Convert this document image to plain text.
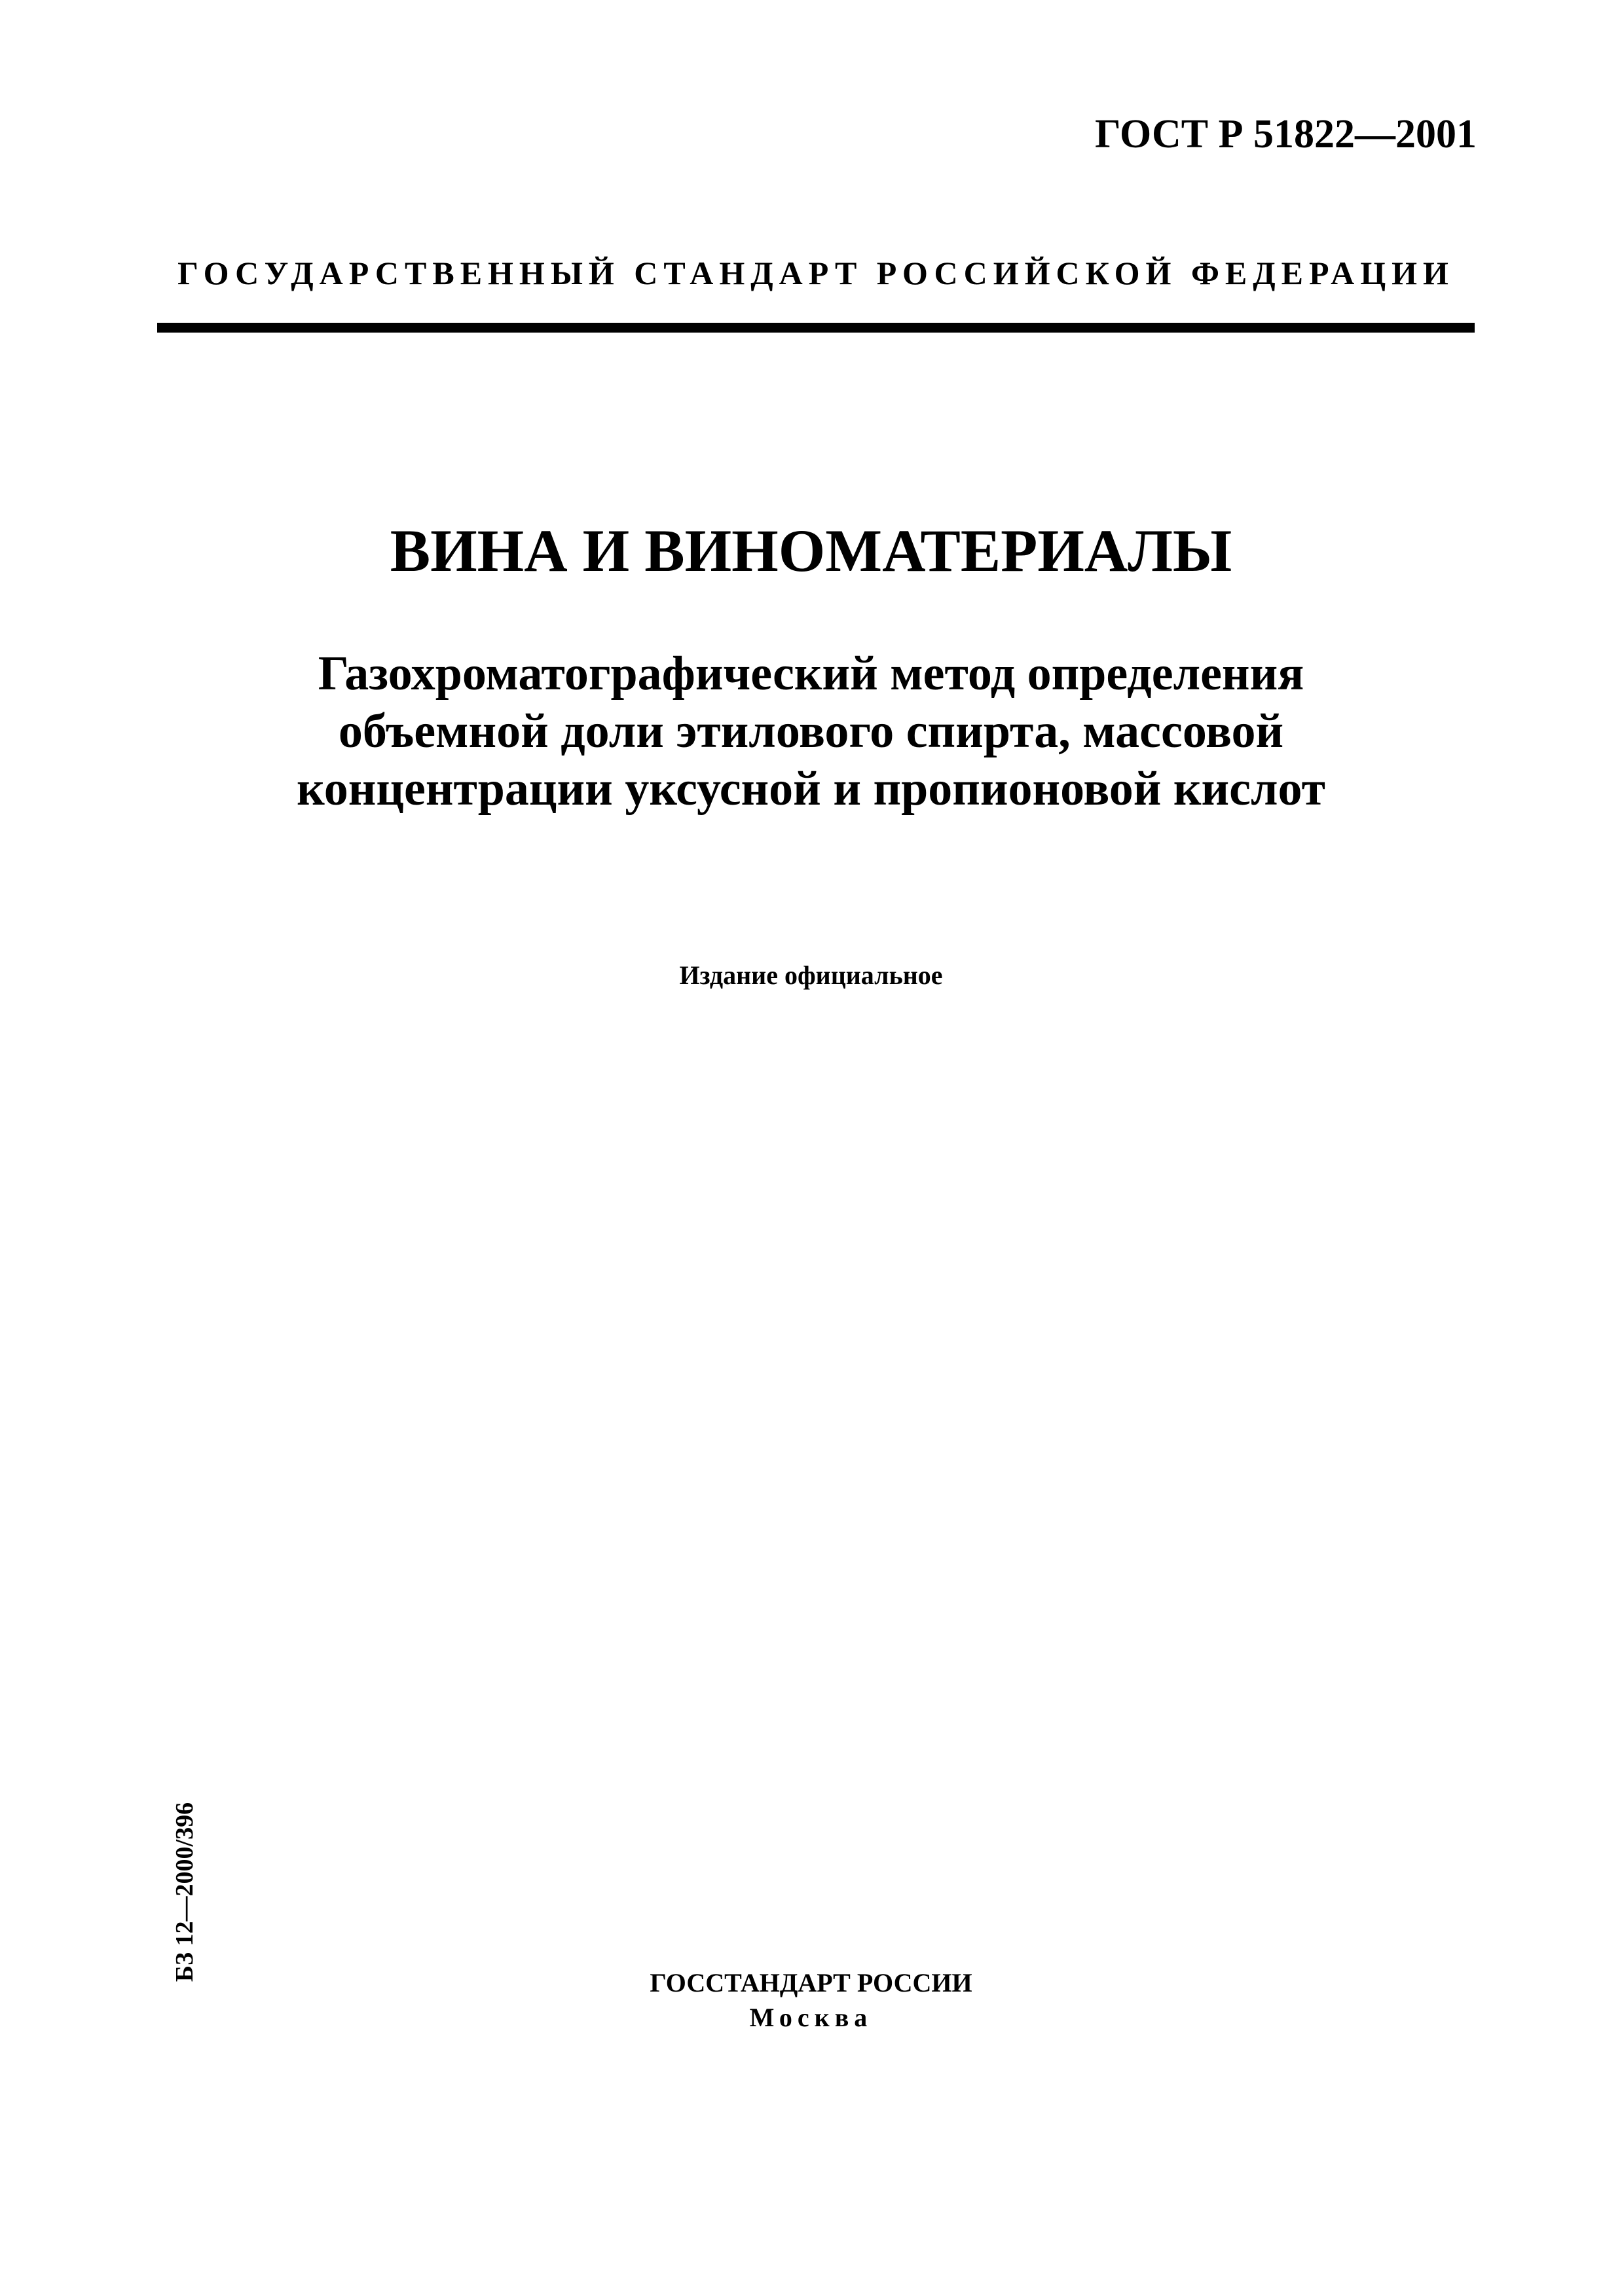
ГОСТ Р 51822—2001
ГОСУДАРСТВЕННЫЙ СТАНДАРТ РОССИЙСКОЙ ФЕДЕРАЦИИ
ВИНА И ВИНОМАТЕРИАЛЫ
Газохроматографический метод определения
объемной доли этилового спирта, массовой
концентрации уксусной и пропионовой кислот
Издание официальное
БЗ 12—2000/396
ГОССТАНДАРТ РОССИИ
Москва
